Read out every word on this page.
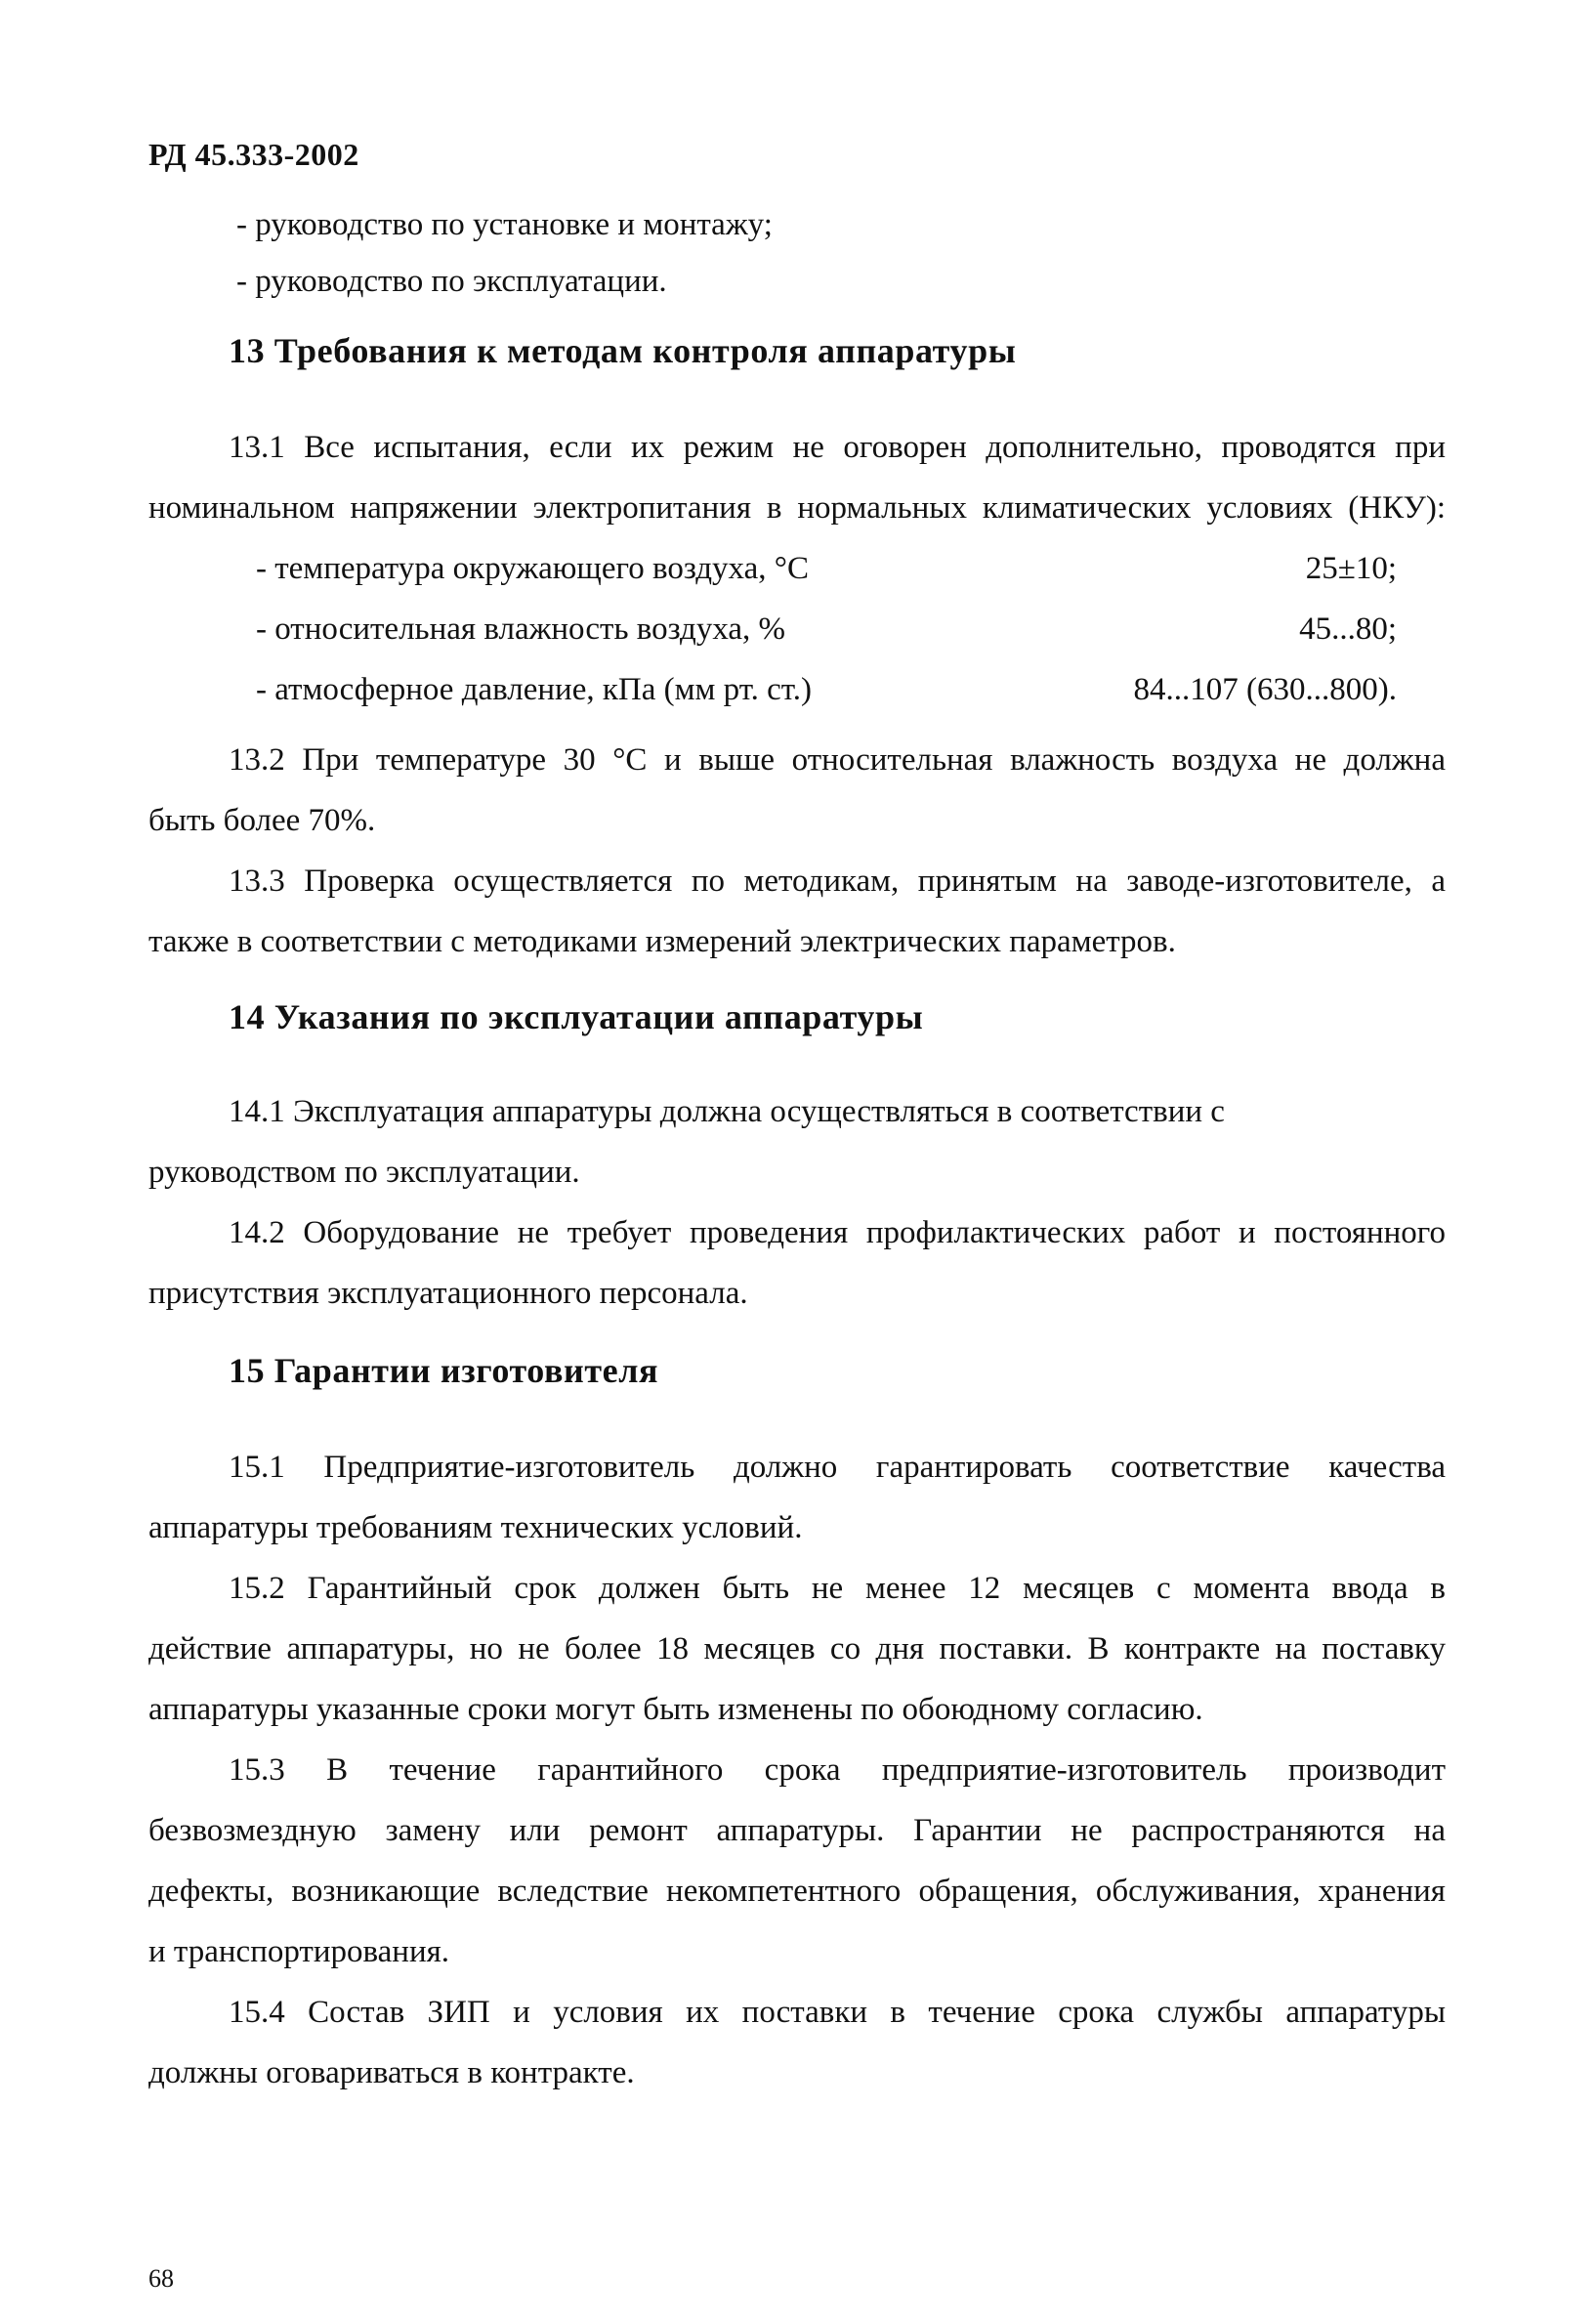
РД 45.333-2002
- руководство по установке и монтажу;
- руководство по эксплуатации.
13 Требования к методам контроля аппаратуры
13.1 Все испытания, если их режим не оговорен дополнительно, проводятся при
номинальном напряжении электропитания в нормальных климатических условиях (НКУ):
- температура окружающего воздуха, °С	25±10;
- относительная влажность воздуха, %	45...80;
- атмосферное давление, кПа (мм рт. ст.)	84...107 (630...800).
13.2 При температуре 30 °С и выше относительная влажность воздуха не должна
быть более 70%.
13.3 Проверка осуществляется по методикам, принятым на заводе-изготовителе, а
также в соответствии с методиками измерений электрических параметров.
14 Указания по эксплуатации аппаратуры
14.1 Эксплуатация аппаратуры должна осуществляться в соответствии с
руководством по эксплуатации.
14.2 Оборудование не требует проведения профилактических работ и постоянного
присутствия эксплуатационного персонала.
15 Гарантии изготовителя
15.1 Предприятие-изготовитель должно гарантировать соответствие качества
аппаратуры требованиям технических условий.
15.2 Гарантийный срок должен быть не менее 12 месяцев с момента ввода в
действие аппаратуры, но не более 18 месяцев со дня поставки. В контракте на поставку
аппаратуры указанные сроки могут быть изменены по обоюдному согласию.
15.3 В течение гарантийного срока предприятие-изготовитель производит
безвозмездную замену или ремонт аппаратуры. Гарантии не распространяются на
дефекты, возникающие вследствие некомпетентного обращения, обслуживания, хранения
и транспортирования.
15.4 Состав ЗИП и условия их поставки в течение срока службы аппаратуры
должны оговариваться в контракте.
68
